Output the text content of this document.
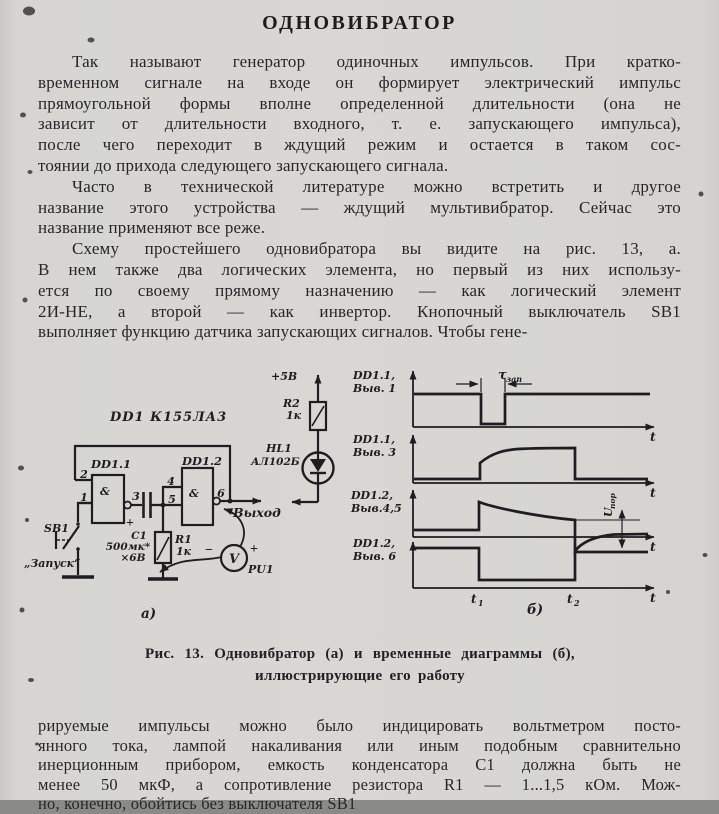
ОДНОВИБРАТОР
Так называют генератор одиночных импульсов. При кратко-
временном сигнале на входе он формирует электрический импульс
прямоугольной формы вполне определенной длительности (она не
зависит от длительности входного, т. е. запускающего импульса),
после чего переходит в ждущий режим и остается в таком сос-
тоянии до прихода следующего запускающего сигнала.
Часто в технической литературе можно встретить и другое
название этого устройства — ждущий мультивибратор. Сейчас это
название применяют все реже.
Схему простейшего одновибратора вы видите на рис. 13, а.
В нем также два логических элемента, но первый из них использу-
ется по своему прямому назначению — как логический элемент
2И-НЕ, а второй — как инвертор. Кнопочный выключатель SB1
выполняет функцию датчика запускающих сигналов. Чтобы гене-
DD1 К155ЛА3
DD1.1
&
2
1	3
+
С1
500мк*
×6В
R1
1к
DD1.2
&
4
5	6
Выход
SB1
„Запуск“	V
PU1
−	+
+5В
R2
1к
HL1
АЛ102Б
а)
DD1.1,
Выв. 1
DD1.1,
Выв. 3
DD1.2,
Выв.4,5
DD1.2,
Выв. 6
t
t
t
t
τ зап
U
пор
t 1	t 2
б)
Рис. 13. Одновибратор (а) и временные диаграммы (б),
иллюстрирующие его работу
рируемые импульсы можно было индицировать вольтметром посто-
янного тока, лампой накаливания или иным подобным сравнительно
инерционным прибором, емкость конденсатора С1 должна быть не
менее 50 мкФ, а сопротивление резистора R1 — 1...1,5 кОм. Мож-
но, конечно, обойтись без выключателя SB1
